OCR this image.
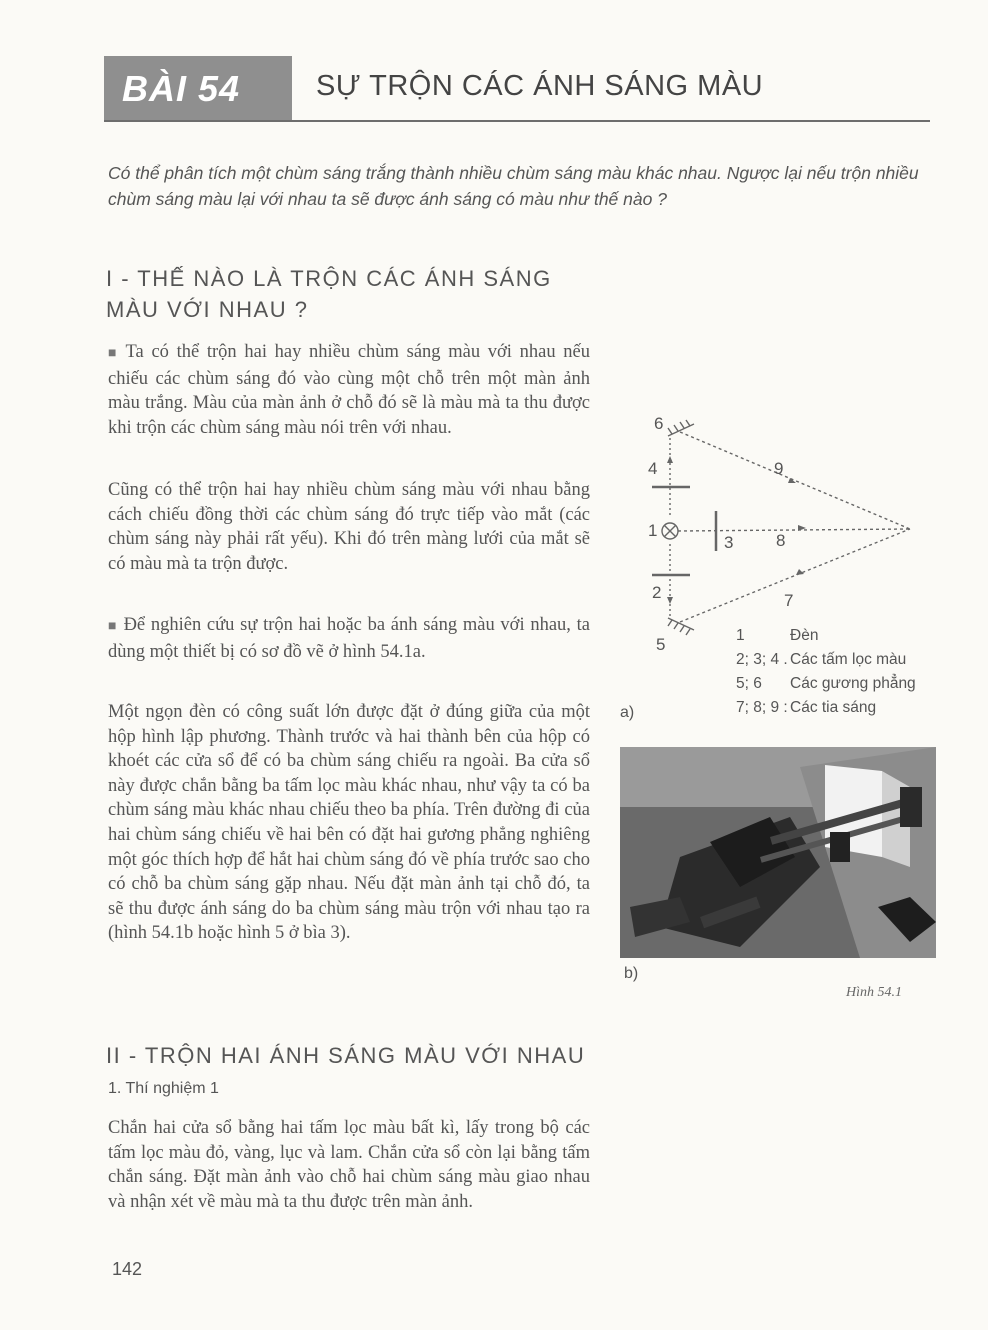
BÀI 54	SỰ TRỘN CÁC ÁNH SÁNG MÀU
Có thể phân tích một chùm sáng trắng thành nhiều chùm sáng màu khác nhau. Ngược lại nếu trộn nhiều chùm sáng màu lại với nhau ta sẽ được ánh sáng có màu như thế nào ?
I - THẾ NÀO LÀ TRỘN CÁC ÁNH SÁNG MÀU VỚI NHAU ?
■ Ta có thể trộn hai hay nhiều chùm sáng màu với nhau nếu chiếu các chùm sáng đó vào cùng một chỗ trên một màn ảnh màu trắng. Màu của màn ảnh ở chỗ đó sẽ là màu mà ta thu được khi trộn các chùm sáng màu nói trên với nhau.
Cũng có thể trộn hai hay nhiều chùm sáng màu với nhau bằng cách chiếu đồng thời các chùm sáng đó trực tiếp vào mắt (các chùm sáng này phải rất yếu). Khi đó trên màng lưới của mắt sẽ có màu mà ta trộn được.
■ Để nghiên cứu sự trộn hai hoặc ba ánh sáng màu với nhau, ta dùng một thiết bị có sơ đồ vẽ ở hình 54.1a.
Một ngọn đèn có công suất lớn được đặt ở đúng giữa của một hộp hình lập phương. Thành trước và hai thành bên của hộp có khoét các cửa sổ để có ba chùm sáng chiếu ra ngoài. Ba cửa sổ này được chắn bằng ba tấm lọc màu khác nhau, như vậy ta có ba chùm sáng màu khác nhau chiếu theo ba phía. Trên đường đi của hai chùm sáng chiếu về hai bên có đặt hai gương phẳng nghiêng một góc thích hợp để hắt hai chùm sáng đó về phía trước sao cho có chỗ ba chùm sáng gặp nhau. Nếu đặt màn ảnh tại chỗ đó, ta sẽ thu được ánh sáng do ba chùm sáng màu trộn với nhau tạo ra (hình 54.1b hoặc hình 5 ở bìa 3).
II - TRỘN HAI ÁNH SÁNG MÀU VỚI NHAU
1. Thí nghiệm 1
Chắn hai cửa sổ bằng hai tấm lọc màu bất kì, lấy trong bộ các tấm lọc màu đỏ, vàng, lục và lam. Chắn cửa sổ còn lại bằng tấm chắn sáng. Đặt màn ảnh vào chỗ hai chùm sáng màu giao nhau và nhận xét về màu mà ta thu được trên màn ảnh.
6
4
1
3	8
9
7
2
5	1	Đèn
2; 3; 4 . Các tấm lọc màu
5; 6 Các gương phẳng
7; 8; 9 : Các tia sáng
a)
b)
Hình 54.1
142
